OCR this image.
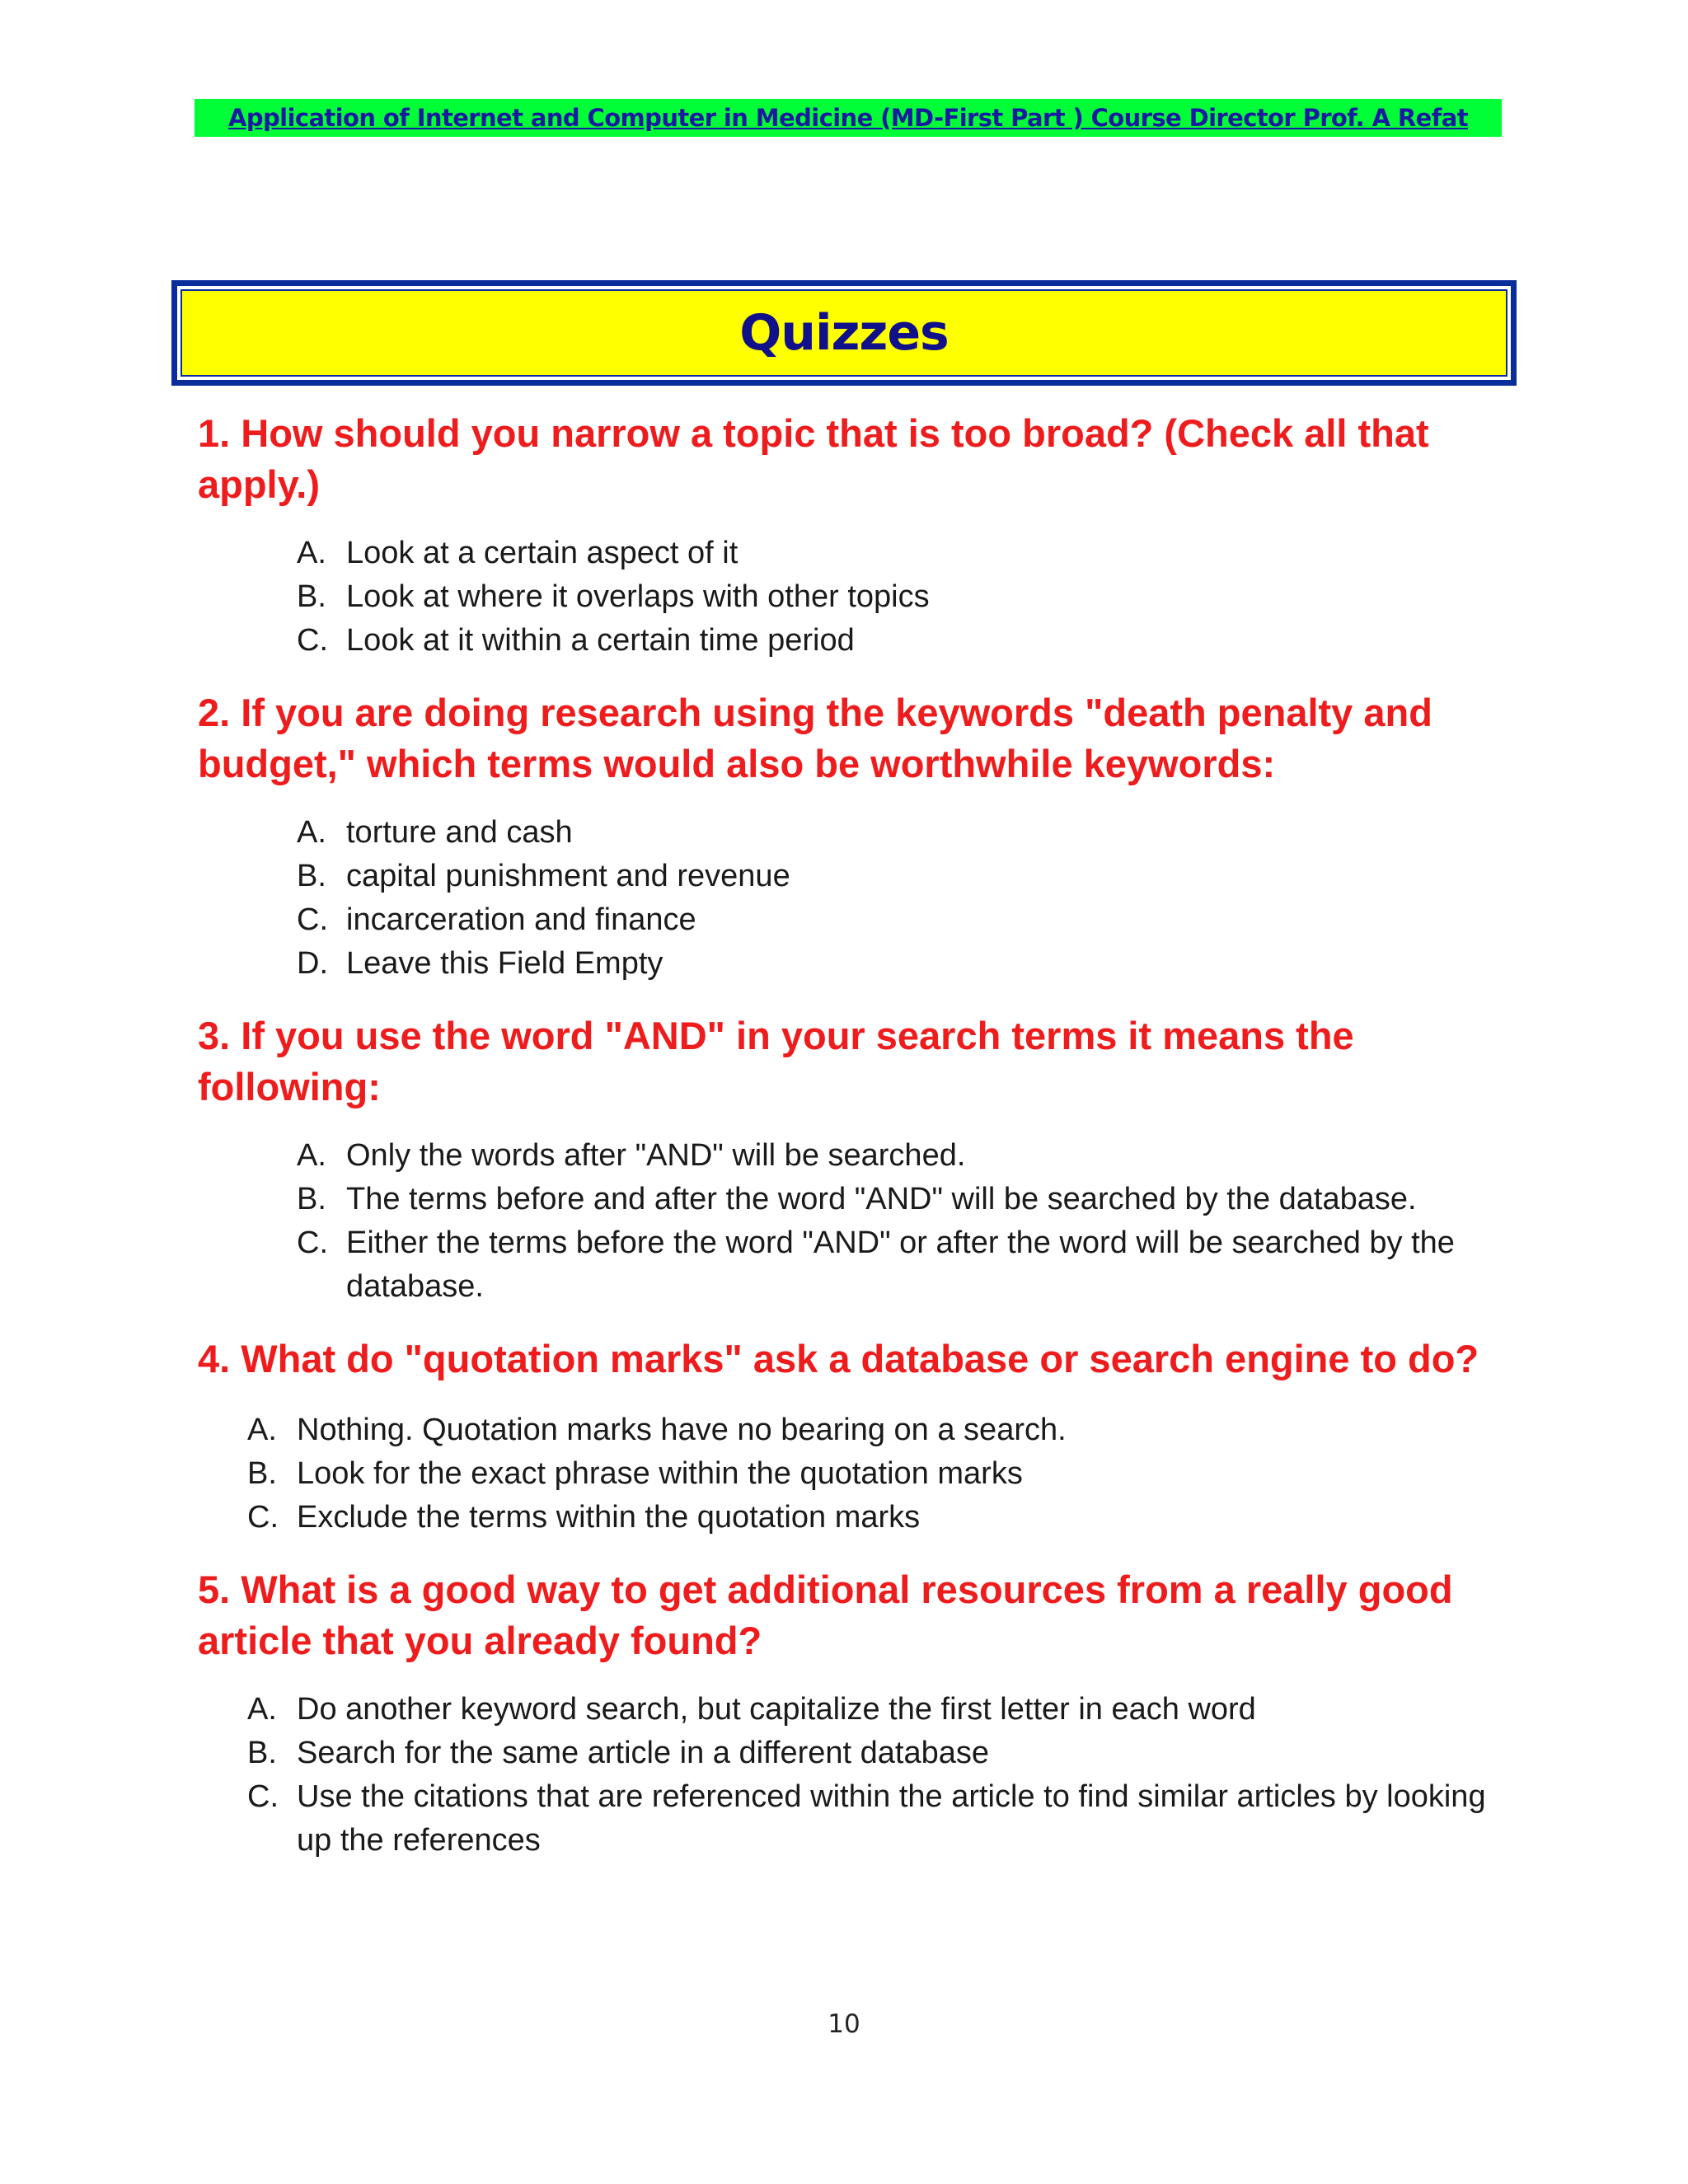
Application of Internet and Computer in Medicine (MD-First Part ) Course Director Prof. A Refat
Quizzes

1. How should you narrow a topic that is too broad? (Check all that apply.)

A. Look at a certain aspect of it
B. Look at where it overlaps with other topics
C. Look at it within a certain time period

2. If you are doing research using the keywords "death penalty and budget," which terms would also be worthwhile keywords:

A. torture and cash
B. capital punishment and revenue
C. incarceration and finance
D. Leave this Field Empty

3. If you use the word "AND" in your search terms it means the following:

A. Only the words after "AND" will be searched.
B. The terms before and after the word "AND" will be searched by the database.
C. Either the terms before the word "AND" or after the word will be searched by the database.

4. What do "quotation marks" ask a database or search engine to do?

A. Nothing. Quotation marks have no bearing on a search.
B. Look for the exact phrase within the quotation marks
C. Exclude the terms within the quotation marks

5. What is a good way to get additional resources from a really good article that you already found?

A. Do another keyword search, but capitalize the first letter in each word
B. Search for the same article in a different database
C. Use the citations that are referenced within the article to find similar articles by looking up the references
10
